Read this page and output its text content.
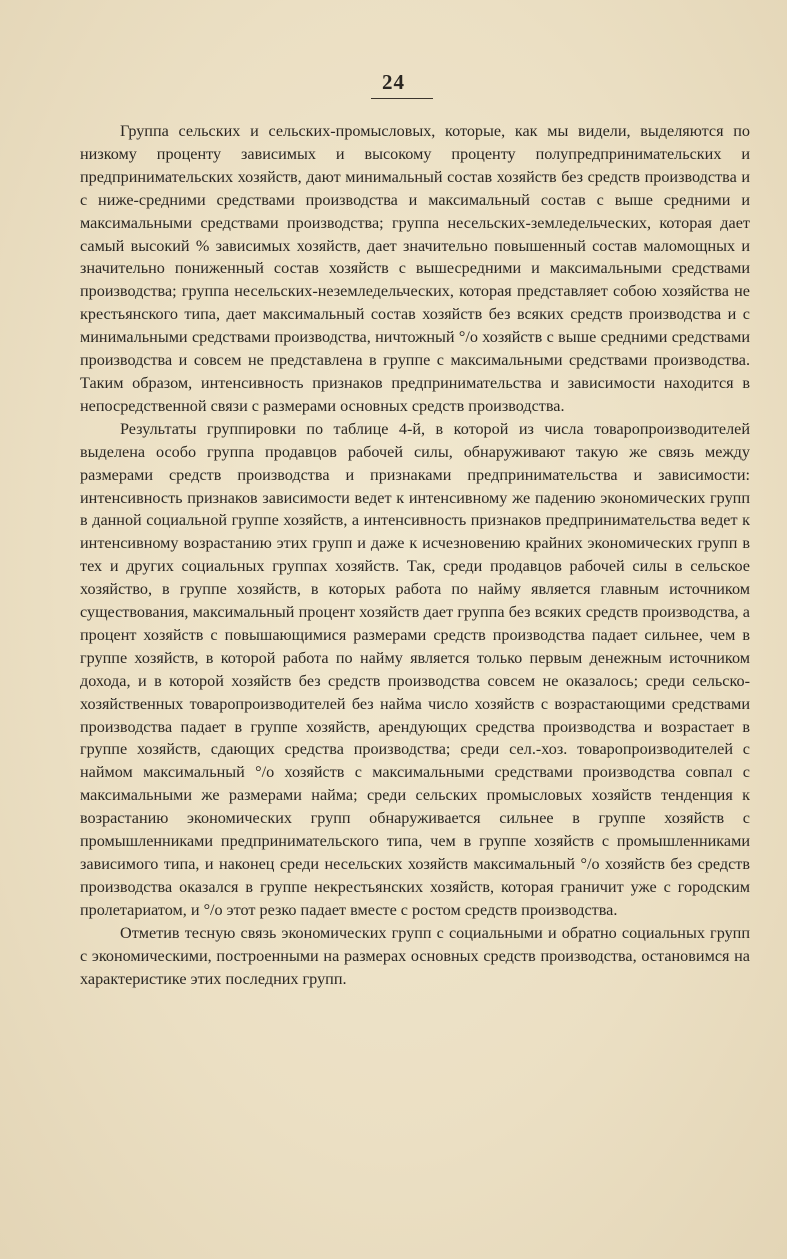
24

Группа сельских и сельских-промысловых, которые, как мы видели, выделяются по низкому проценту зависимых и высокому проценту полупредпринимательских и предпринимательских хозяйств, дают минимальный состав хозяйств без средств производства и с ниже-средними средствами производства и максимальный состав с выше средними и максимальными средствами производства; группа несельских-земледельческих, которая дает самый высокий % зависимых хозяйств, дает значительно повышенный состав маломощных и значительно пониженный состав хозяйств с вышесредними и максимальными средствами производства; группа несельских-неземледельческих, которая представляет собою хозяйства не крестьянского типа, дает максимальный состав хозяйств без всяких средств производства и с минимальными средствами производства, ничтожный °/о хозяйств с выше средними средствами производства и совсем не представлена в группе с максимальными средствами производства. Таким образом, интенсивность признаков предпринимательства и зависимости находится в непосредственной связи с размерами основных средств производства.

Результаты группировки по таблице 4-й, в которой из числа товаропроизводителей выделена особо группа продавцов рабочей силы, обнаруживают такую же связь между размерами средств производства и признаками предпринимательства и зависимости: интенсивность признаков зависимости ведет к интенсивному же падению экономических групп в данной социальной группе хозяйств, а интенсивность признаков предпринимательства ведет к интенсивному возрастанию этих групп и даже к исчезновению крайних экономических групп в тех и других социальных группах хозяйств. Так, среди продавцов рабочей силы в сельское хозяйство, в группе хозяйств, в которых работа по найму является главным источником существования, максимальный процент хозяйств дает группа без всяких средств производства, а процент хозяйств с повышающимися размерами средств производства падает сильнее, чем в группе хозяйств, в которой работа по найму является только первым денежным источником дохода, и в которой хозяйств без средств производства совсем не оказалось; среди сельско-хозяйственных товаропроизводителей без найма число хозяйств с возрастающими средствами производства падает в группе хозяйств, арендующих средства производства и возрастает в группе хозяйств, сдающих средства производства; среди сел.-хоз. товаропроизводителей с наймом максимальный °/о хозяйств с максимальными средствами производства совпал с максимальными же размерами найма; среди сельских промысловых хозяйств тенденция к возрастанию экономических групп обнаруживается сильнее в группе хозяйств с промышленниками предпринимательского типа, чем в группе хозяйств с промышленниками зависимого типа, и наконец среди несельских хозяйств максимальный °/о хозяйств без средств производства оказался в группе некрестьянских хозяйств, которая граничит уже с городским пролетариатом, и °/о этот резко падает вместе с ростом средств производства.

Отметив тесную связь экономических групп с социальными и обратно социальных групп с экономическими, построенными на размерах основных средств производства, остановимся на характеристике этих последних групп.
